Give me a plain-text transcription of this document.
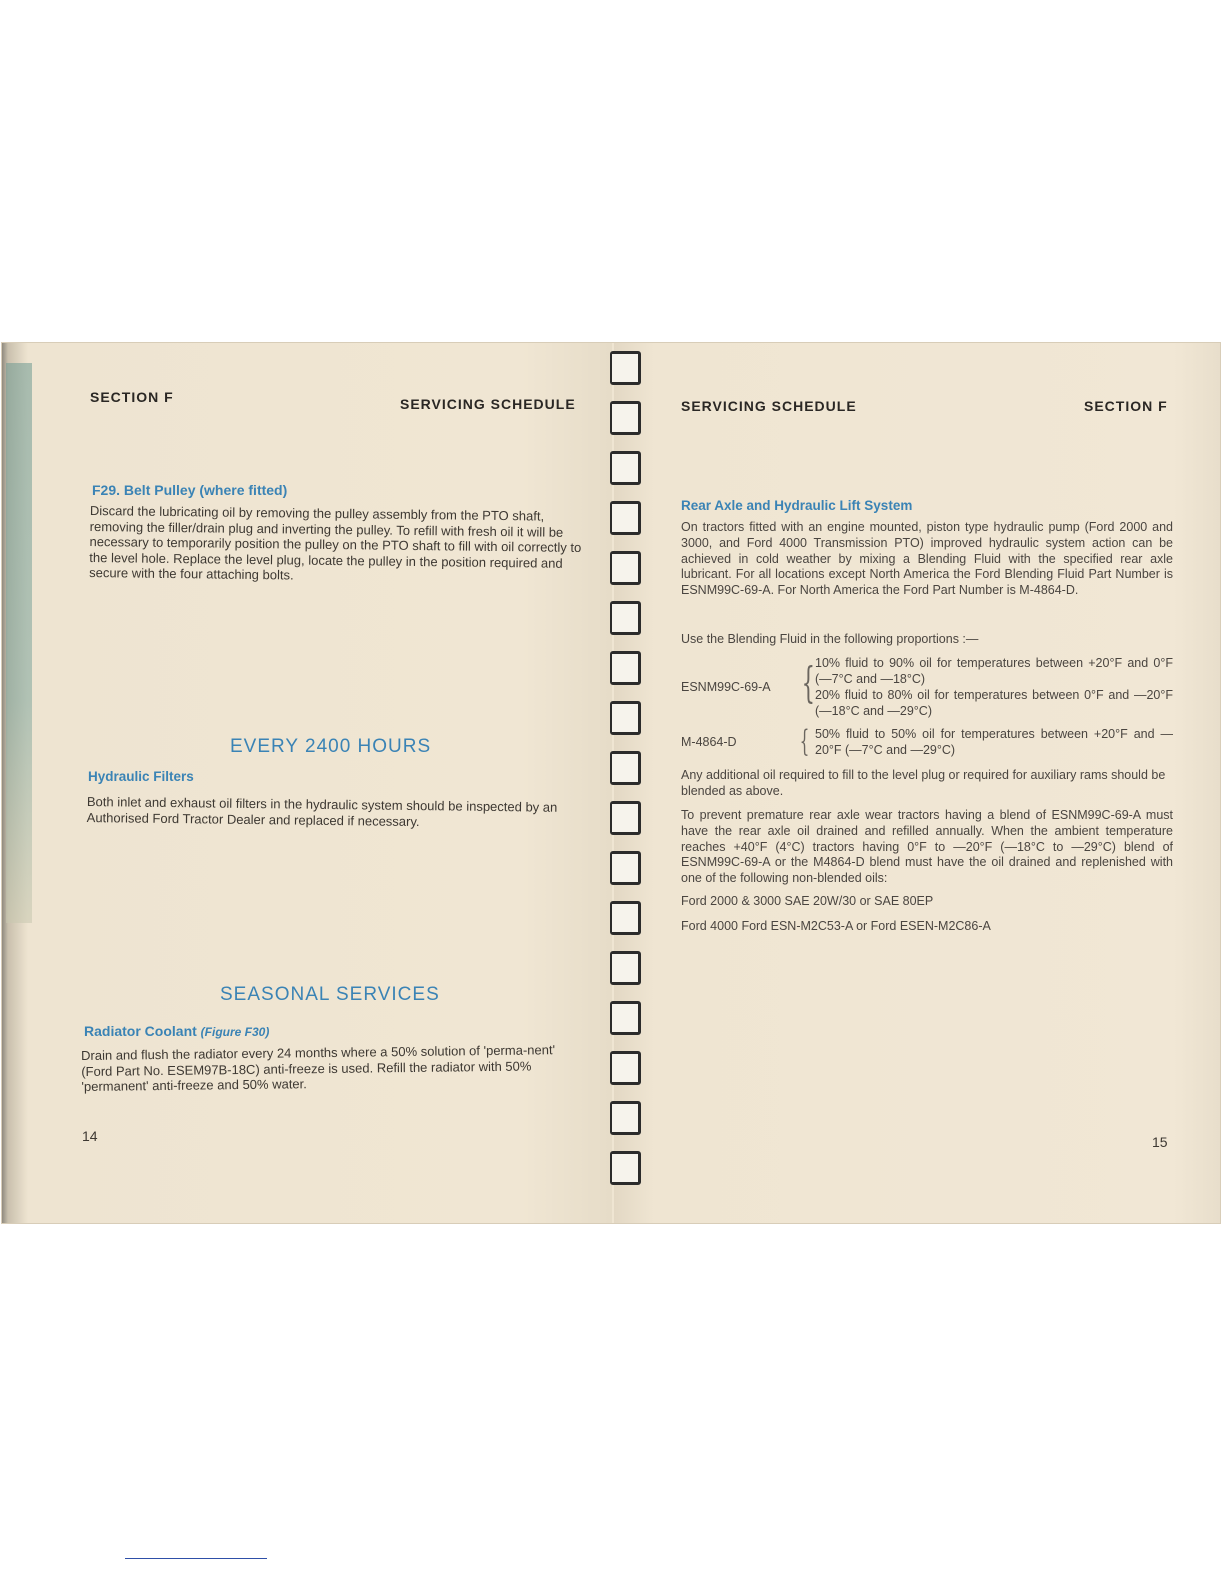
SECTION F	SERVICING SCHEDULE
F29. Belt Pulley (where fitted)

Discard the lubricating oil by removing the pulley assembly from the PTO shaft, removing the filler/drain plug and inverting the pulley. To refill with fresh oil it will be necessary to temporarily position the pulley on the PTO shaft to fill with oil correctly to the level hole. Replace the level plug, locate the pulley in the position required and secure with the four attaching bolts.

EVERY 2400 HOURS
Hydraulic Filters

Both inlet and exhaust oil filters in the hydraulic system should be inspected by an Authorised Ford Tractor Dealer and replaced if necessary.

SEASONAL SERVICES
Radiator Coolant (Figure F30)

Drain and flush the radiator every 24 months where a 50% solution of 'perma-nent' (Ford Part No. ESEM97B-18C) anti-freeze is used. Refill the radiator with 50% 'permanent' anti-freeze and 50% water.

14
SERVICING SCHEDULE	SECTION F
Rear Axle and Hydraulic Lift System

On tractors fitted with an engine mounted, piston type hydraulic pump (Ford 2000 and 3000, and Ford 4000 Transmission PTO) improved hydraulic system action can be achieved in cold weather by mixing a Blending Fluid with the specified rear axle lubricant. For all locations except North America the Ford Blending Fluid Part Number is ESNM99C-69-A. For North America the Ford Part Number is M-4864-D.

Use the Blending Fluid in the following proportions :—

ESNM99C-69-A { 10% fluid to 90% oil for temperatures between +20°F and 0°F (—7°C and —18°C)

20% fluid to 80% oil for temperatures between 0°F and —20°F (—18°C and —29°C)

M-4864-D { 50% fluid to 50% oil for temperatures between +20°F and —20°F (—7°C and —29°C)

Any additional oil required to fill to the level plug or required for auxiliary rams should be blended as above.

To prevent premature rear axle wear tractors having a blend of ESNM99C-69-A must have the rear axle oil drained and refilled annually. When the ambient temperature reaches +40°F (4°C) tractors having 0°F to —20°F (—18°C to —29°C) blend of ESNM99C-69-A or the M4864-D blend must have the oil drained and replenished with one of the following non-blended oils:

Ford 2000 & 3000 SAE 20W/30 or SAE 80EP

Ford 4000 Ford ESN-M2C53-A or Ford ESEN-M2C86-A

15
